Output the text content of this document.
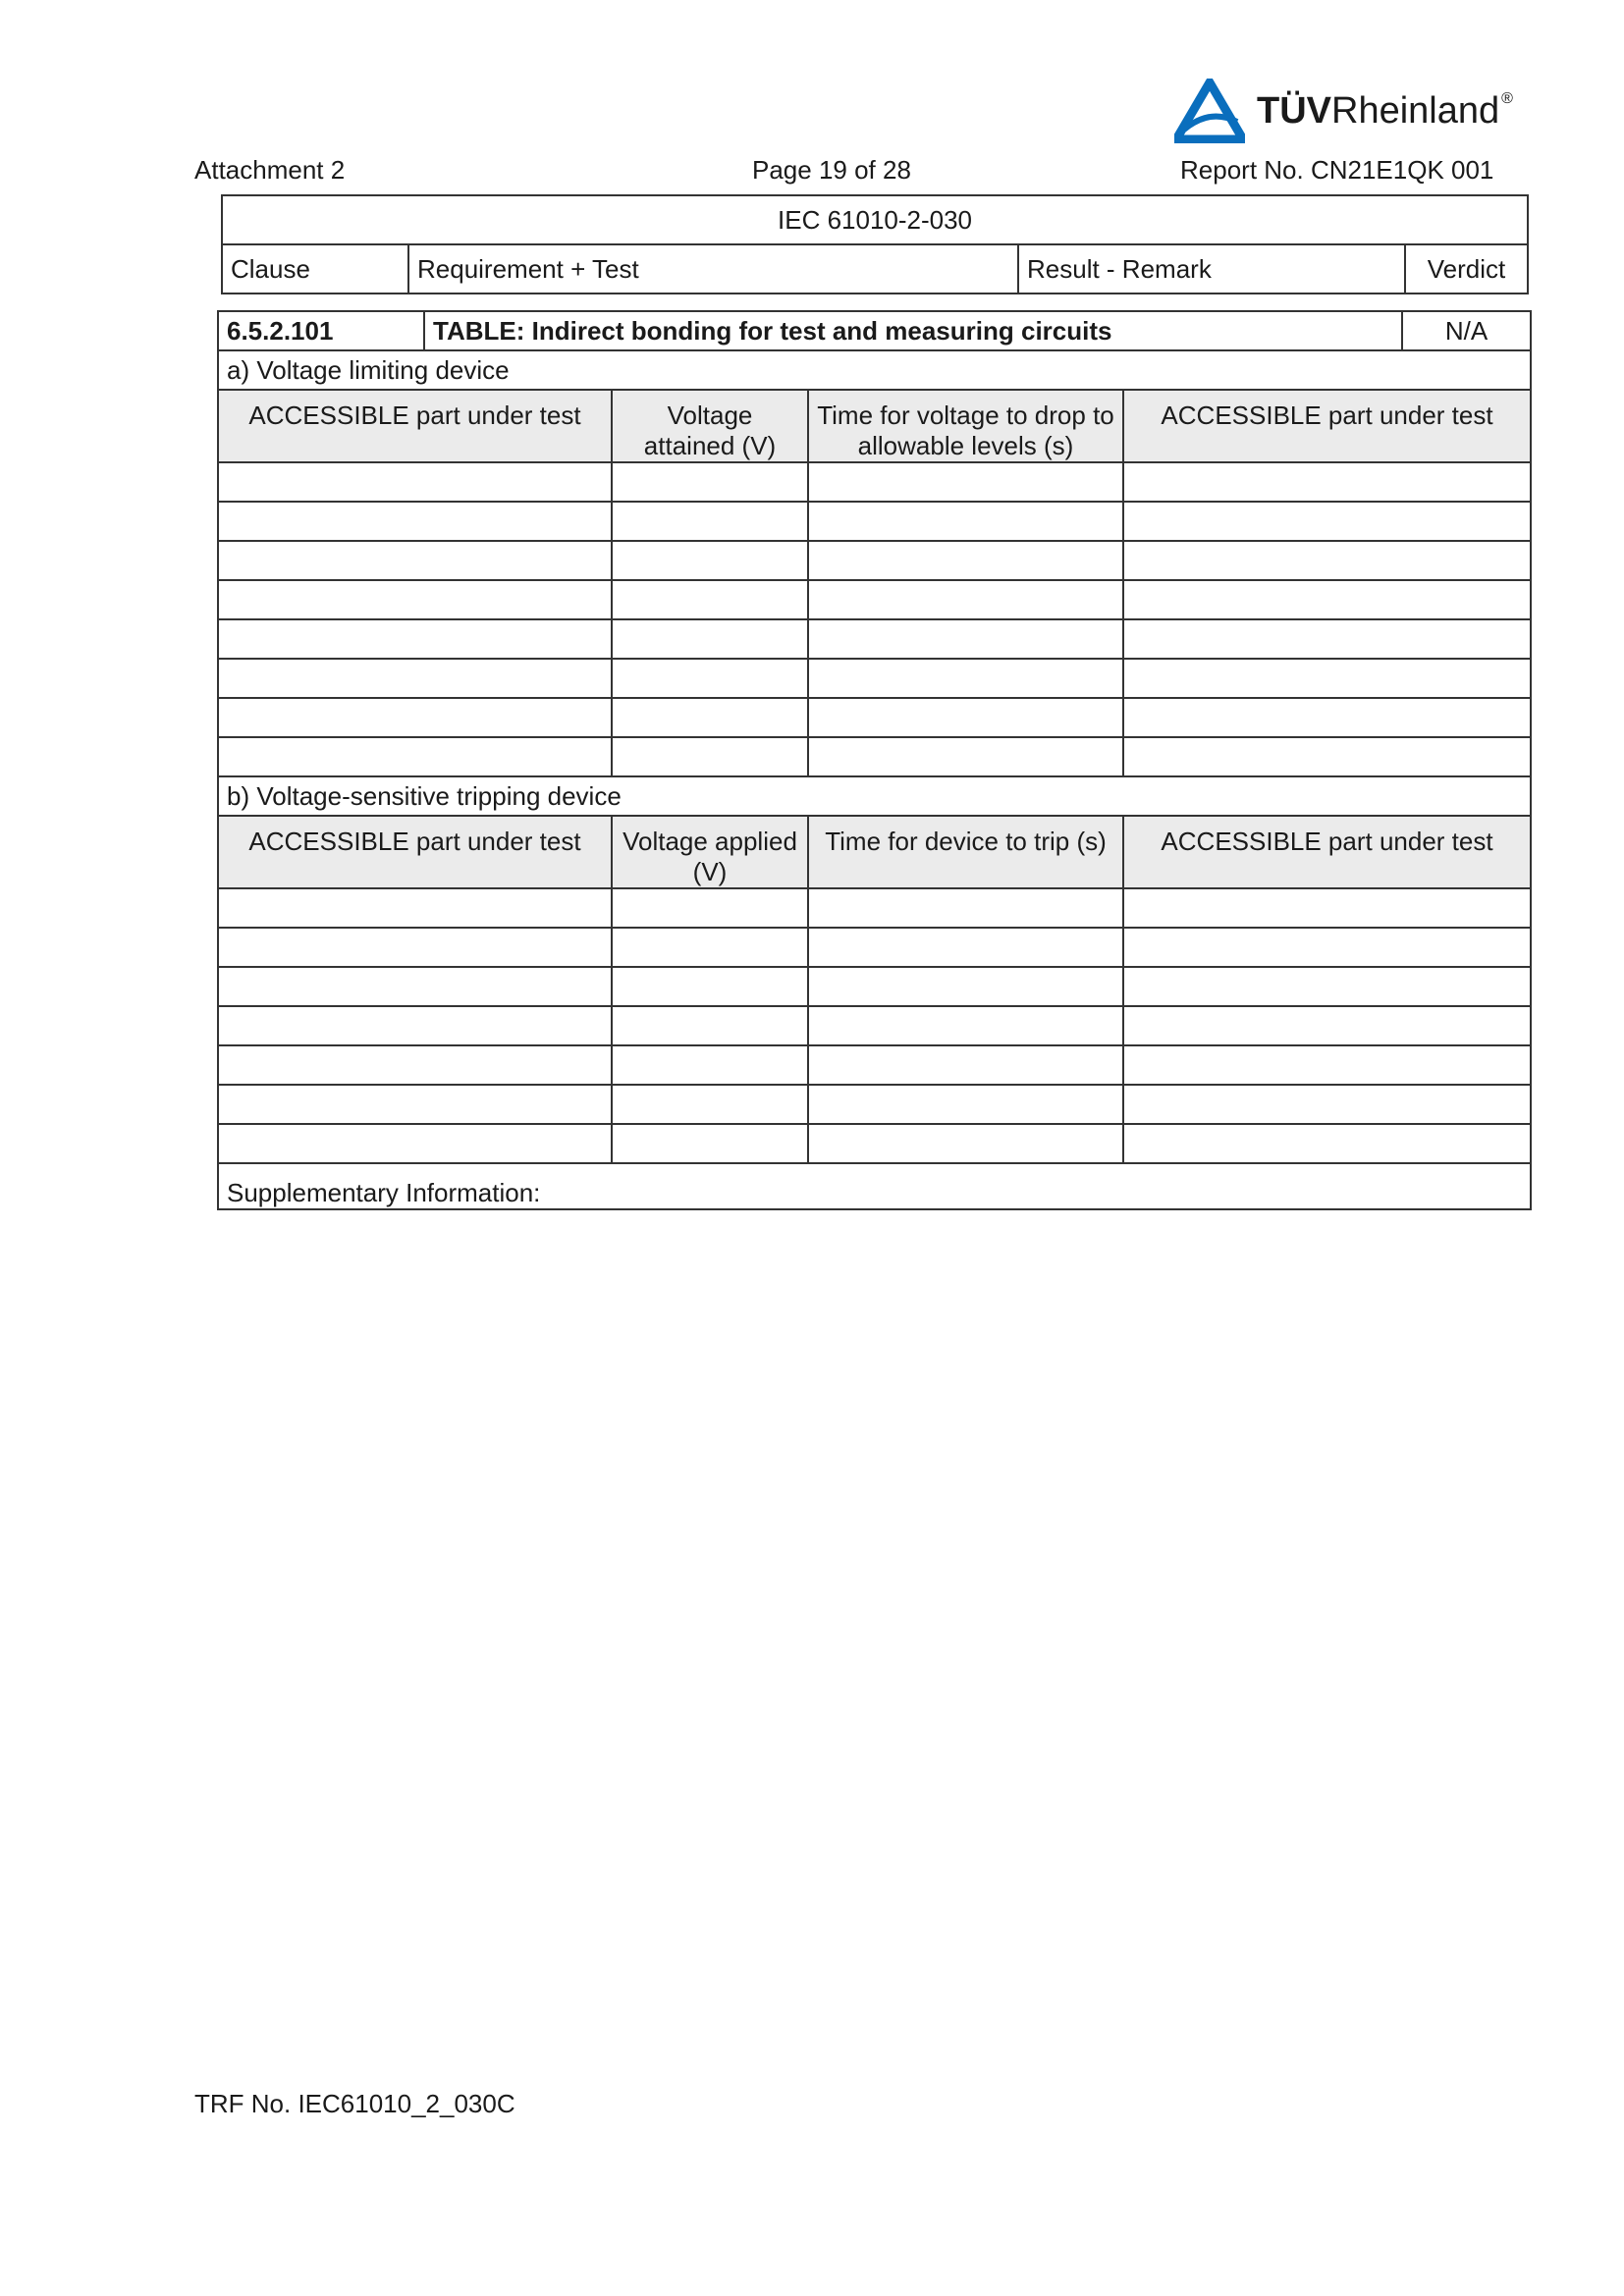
Attachment 2	Page 19 of 28	Report No. CN21E1QK 001
TÜVRheinland ®
IEC 61010-2-030
Clause	Requirement + Test	Result - Remark	Verdict
6.5.2.101	TABLE: Indirect bonding for test and measuring circuits				N/A
a) Voltage limiting device					
ACCESSIBLE part under test		Voltage attained (V)	Time for voltage to drop to allowable levels (s)	ACCESSIBLE part under test	

b) Voltage-sensitive tripping device					
ACCESSIBLE part under test		Voltage applied (V)	Time for device to trip (s)	ACCESSIBLE part under test	

Supplementary Information:					
TRF No. IEC61010_2_030C
